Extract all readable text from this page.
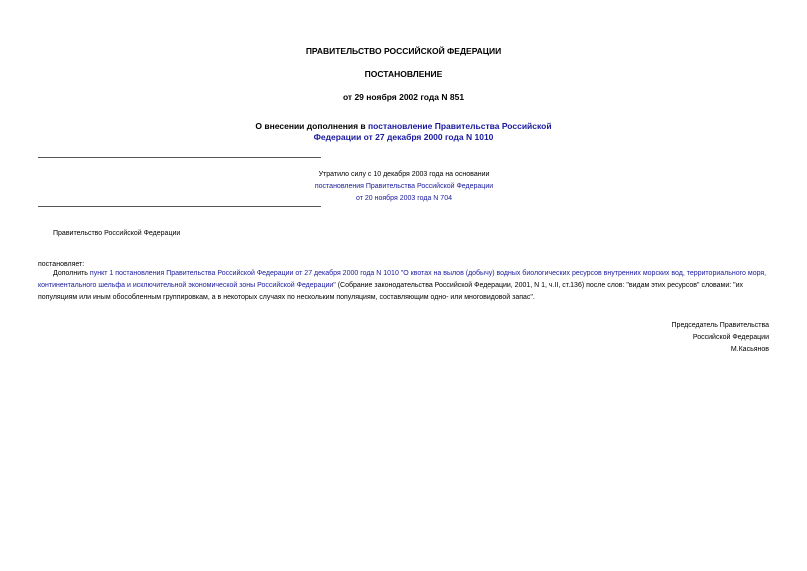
ПРАВИТЕЛЬСТВО РОССИЙСКОЙ ФЕДЕРАЦИИ
ПОСТАНОВЛЕНИЕ
от 29 ноября 2002 года N 851
О внесении дополнения в постановление Правительства Российской
Федерации от 27 декабря 2000 года N 1010
Утратило силу с 10 декабря 2003 года на основании
постановления Правительства Российской Федерации
от 20 ноября 2003 года N 704
Правительство Российской Федерации
постановляет:
Дополнить пункт 1 постановления Правительства Российской Федерации от 27 декабря 2000 года N 1010 "О квотах на вылов (добычу) водных биологических ресурсов внутренних морских вод, территориального моря, континентального шельфа и исключительной экономической зоны Российской Федерации" (Собрание законодательства Российской Федерации, 2001, N 1, ч.II, ст.136) после слов: "видам этих ресурсов" словами: "их популяциям или иным обособленным группировкам, а в некоторых случаях по нескольким популяциям, составляющим одно- или многовидовой запас".
Председатель Правительства
Российской Федерации
М.Касьянов
